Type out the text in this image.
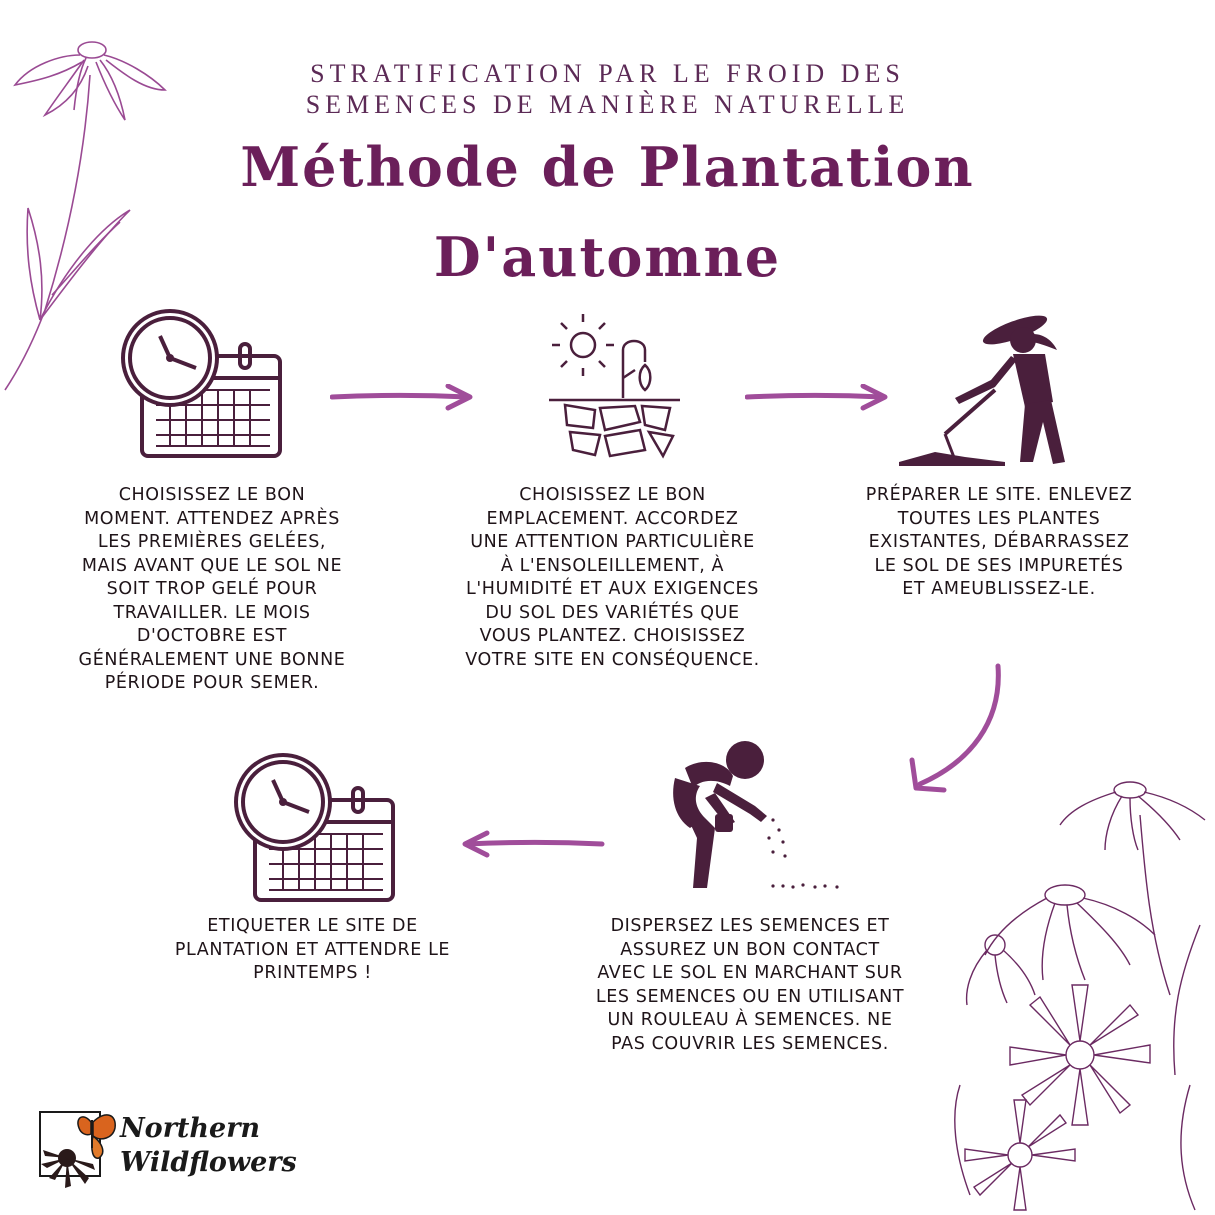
STRATIFICATION PAR LE FROID DES
SEMENCES DE MANIÈRE NATURELLE
Méthode de Plantation
D'automne
CHOISISSEZ LE BON
MOMENT. ATTENDEZ APRÈS
LES PREMIÈRES GELÉES,
MAIS AVANT QUE LE SOL NE
SOIT TROP GELÉ POUR
TRAVAILLER. LE MOIS
D'OCTOBRE EST
GÉNÉRALEMENT UNE BONNE
PÉRIODE POUR SEMER.
CHOISISSEZ LE BON
EMPLACEMENT. ACCORDEZ
UNE ATTENTION PARTICULIÈRE
À L'ENSOLEILLEMENT, À
L'HUMIDITÉ ET AUX EXIGENCES
DU SOL DES VARIÉTÉS QUE
VOUS PLANTEZ. CHOISISSEZ
VOTRE SITE EN CONSÉQUENCE.
PRÉPARER LE SITE. ENLEVEZ
TOUTES LES PLANTES
EXISTANTES, DÉBARRASSEZ
LE SOL DE SES IMPURETÉS
ET AMEUBLISSEZ-LE.
ETIQUETER LE SITE DE
PLANTATION ET ATTENDRE LE
PRINTEMPS !
DISPERSEZ LES SEMENCES ET
ASSUREZ UN BON CONTACT
AVEC LE SOL EN MARCHANT SUR
LES SEMENCES OU EN UTILISANT
UN ROULEAU À SEMENCES. NE
PAS COUVRIR LES SEMENCES.
Northern
Wildflowers
